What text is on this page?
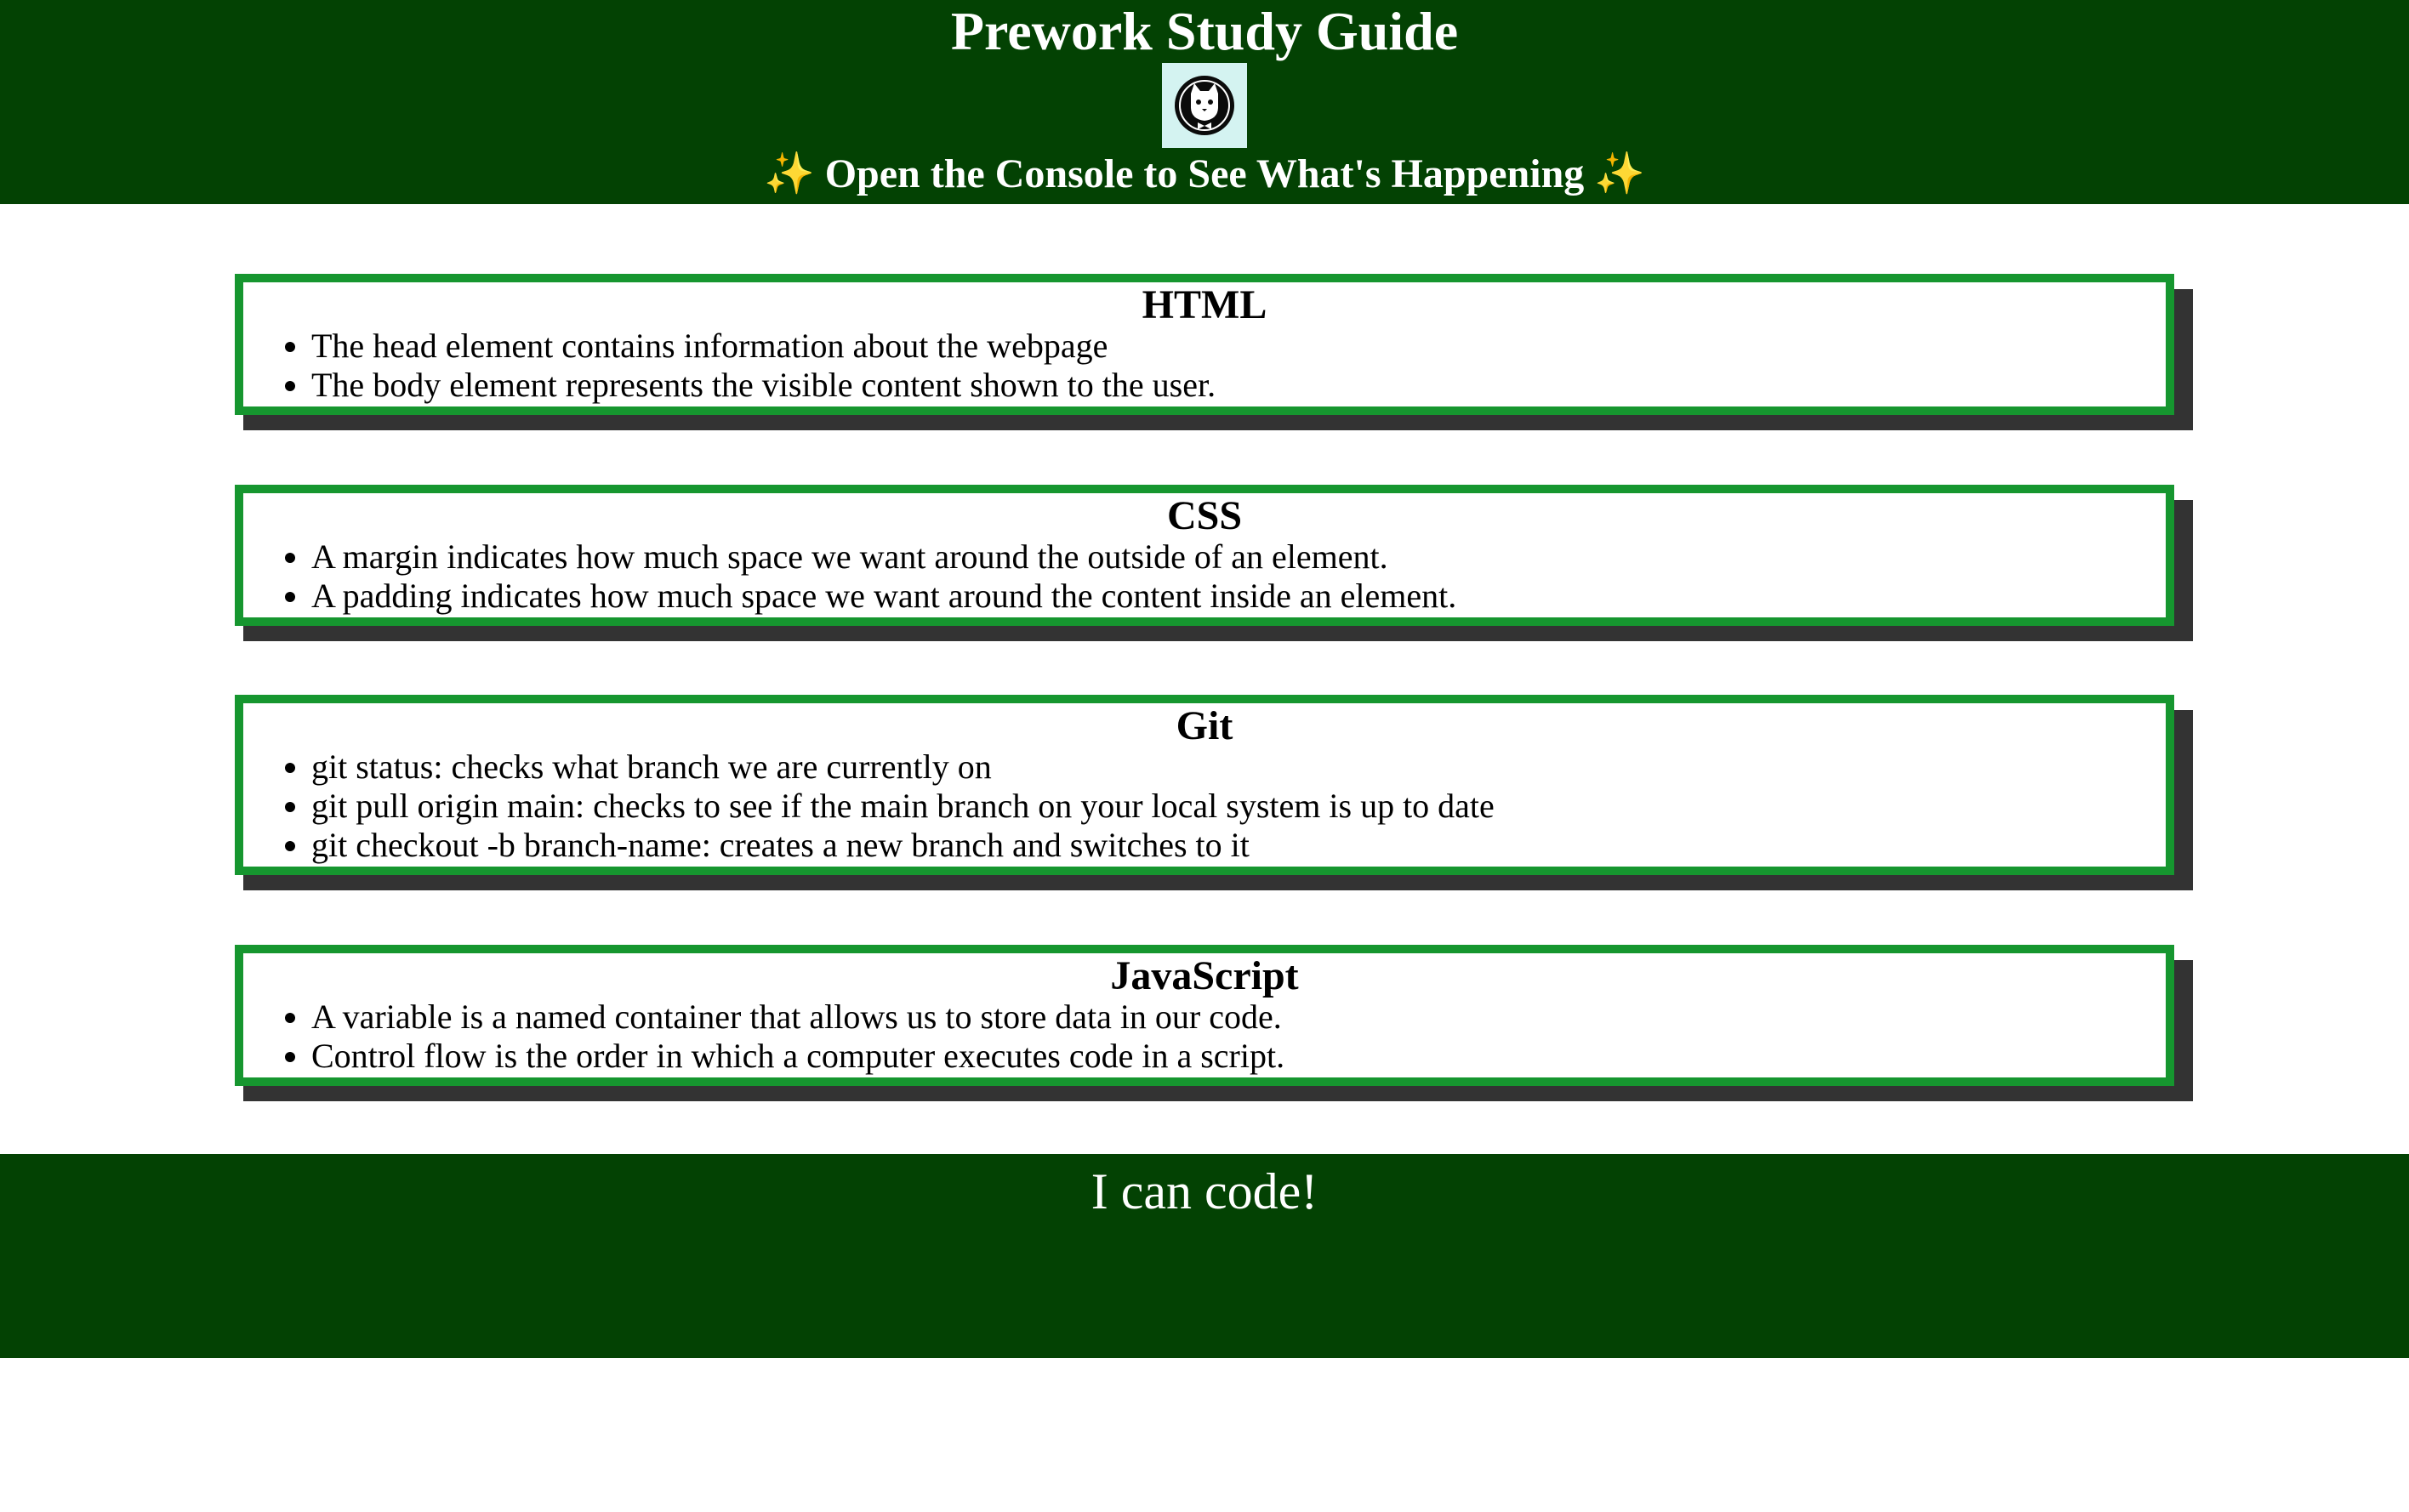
Prework Study Guide
✨ Open the Console to See What's Happening ✨
HTML
• The head element contains information about the webpage
• The body element represents the visible content shown to the user.
CSS
• A margin indicates how much space we want around the outside of an element.
• A padding indicates how much space we want around the content inside an element.
Git
• git status: checks what branch we are currently on
• git pull origin main: checks to see if the main branch on your local system is up to date
• git checkout -b branch-name: creates a new branch and switches to it
JavaScript
• A variable is a named container that allows us to store data in our code.
• Control flow is the order in which a computer executes code in a script.
I can code!
